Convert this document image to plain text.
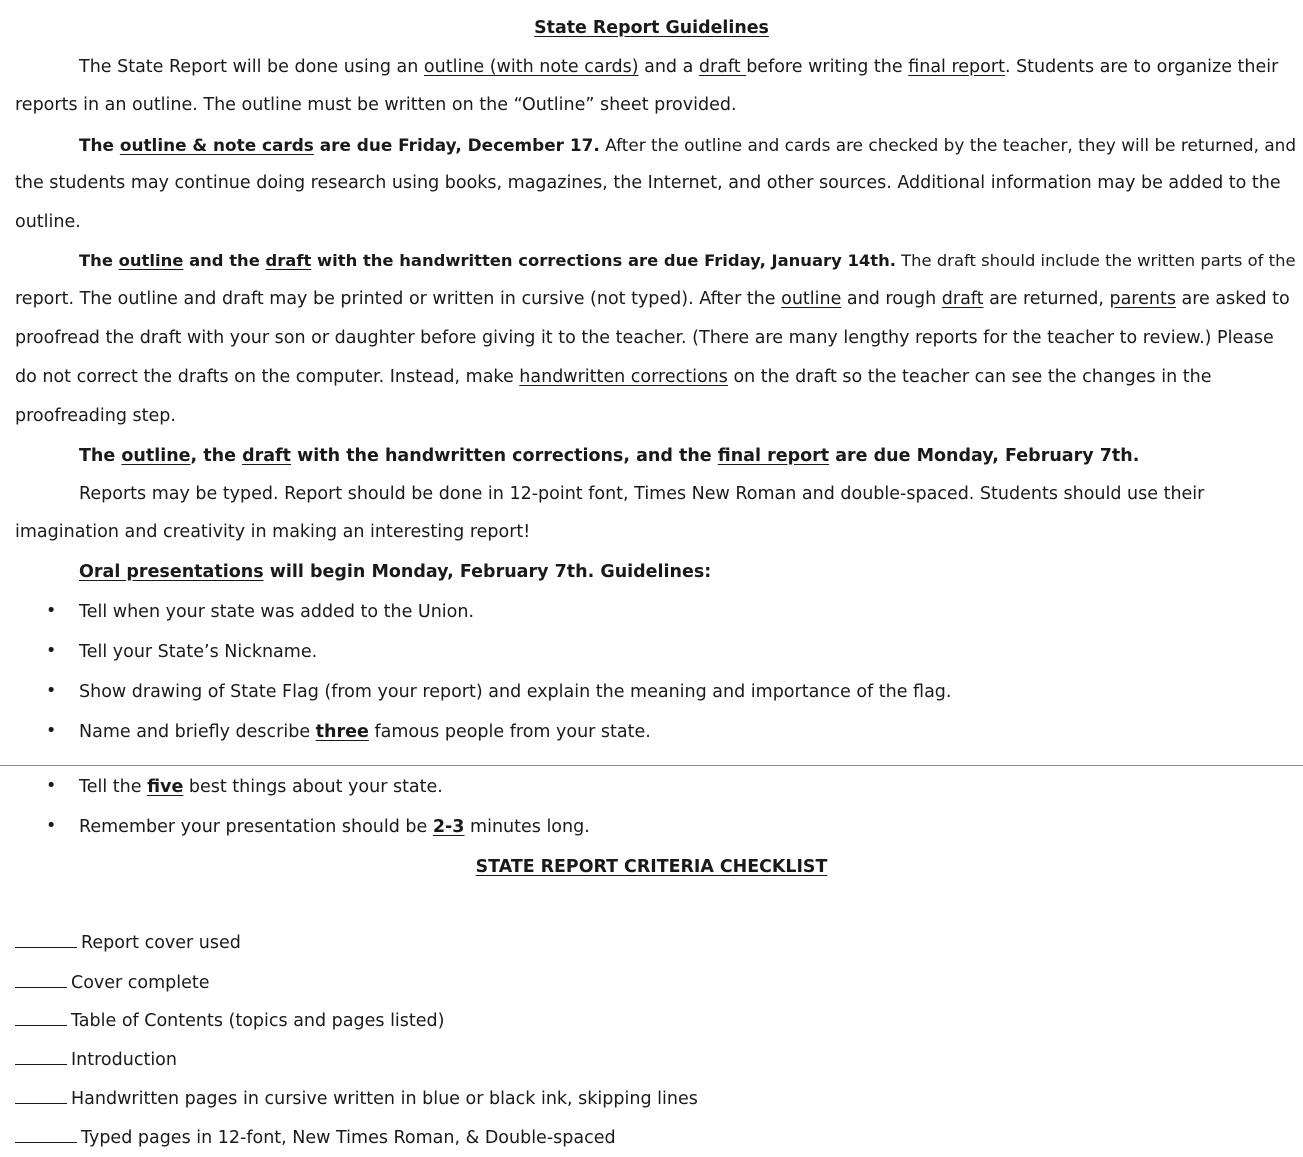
State Report Guidelines
The State Report will be done using an outline (with note cards) and a draft before writing the final report. Students are to organize their
reports in an outline. The outline must be written on the “Outline” sheet provided.
The outline & note cards are due Friday, December 17. After the outline and cards are checked by the teacher, they will be returned, and
the students may continue doing research using books, magazines, the Internet, and other sources. Additional information may be added to the
outline.
The outline and the draft with the handwritten corrections are due Friday, January 14th. The draft should include the written parts of the
report. The outline and draft may be printed or written in cursive (not typed). After the outline and rough draft are returned, parents are asked to
proofread the draft with your son or daughter before giving it to the teacher. (There are many lengthy reports for the teacher to review.) Please
do not correct the drafts on the computer. Instead, make handwritten corrections on the draft so the teacher can see the changes in the
proofreading step.
The outline, the draft with the handwritten corrections, and the final report are due Monday, February 7th.
Reports may be typed. Report should be done in 12-point font, Times New Roman and double-spaced. Students should use their
imagination and creativity in making an interesting report!
Oral presentations will begin Monday, February 7th. Guidelines:
• Tell when your state was added to the Union.
• Tell your State’s Nickname.
• Show drawing of State Flag (from your report) and explain the meaning and importance of the flag.
• Name and briefly describe three famous people from your state.
• Tell the five best things about your state.
• Remember your presentation should be 2-3 minutes long.
STATE REPORT CRITERIA CHECKLIST
Report cover used
Cover complete
Table of Contents (topics and pages listed)
Introduction
Handwritten pages in cursive written in blue or black ink, skipping lines
Typed pages in 12-font, New Times Roman, & Double-spaced
